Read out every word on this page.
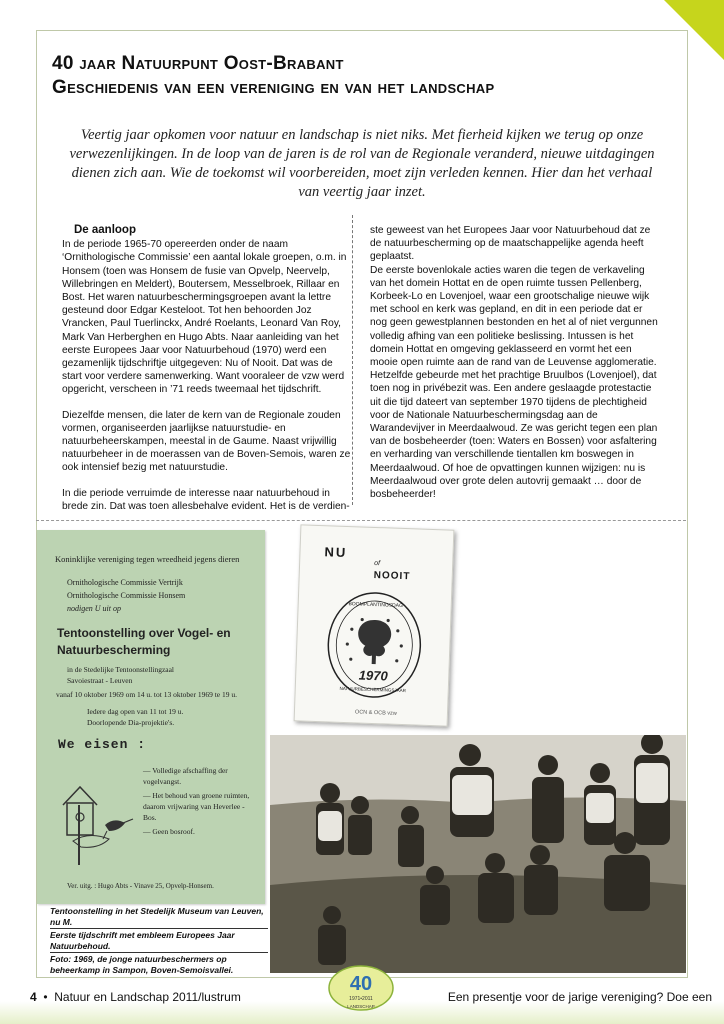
40 jaar Natuurpunt Oost-Brabant
Geschiedenis van een vereniging en van het landschap
Veertig jaar opkomen voor natuur en landschap is niet niks. Met fierheid kijken we terug op onze verwezenlijkingen. In de loop van de jaren is de rol van de Regionale veranderd, nieuwe uitdagingen dienen zich aan. Wie de toekomst wil voorbereiden, moet zijn verleden kennen. Hier dan het verhaal van veertig jaar inzet.
De aanloop

In de periode 1965-70 opereerden onder de naam ‘Ornithologische Commissie’ een aantal lokale groepen, o.m. in Honsem (toen was Honsem de fusie van Opvelp, Neervelp, Willebringen en Meldert), Boutersem, Messelbroek, Rillaar en Bost. Het waren natuurbeschermingsgroepen avant la lettre gesteund door Edgar Kesteloot. Tot hen behoorden Joz Vrancken, Paul Tuerlinckx, André Roelants, Leonard Van Roy, Mark Van Herberghen en Hugo Abts. Naar aanleiding van het eerste Europees Jaar voor Natuurbehoud (1970) werd een gezamenlijk tijdschriftje uitgegeven: Nu of Nooit. Dat was de start voor verdere samenwerking. Want vooraleer de vzw werd opgericht, verscheen in ’71 reeds tweemaal het tijdschrift.

Diezelfde mensen, die later de kern van de Regionale zouden vormen, organiseerden jaarlijkse natuurstudie- en natuurbeheerskampen, meestal in de Gaume. Naast vrijwillig natuurbeheer in de moerassen van de Boven-Semois, waren ze ook intensief bezig met natuurstudie.

In die periode verruimde de interesse naar natuurbehoud in brede zin. Dat was toen allesbehalve evident. Het is de verdien-

ste geweest van het Europees Jaar voor Natuurbehoud dat ze de natuurbescherming op de maatschappelijke agenda heeft geplaatst.

De eerste bovenlokale acties waren die tegen de verkaveling van het domein Hottat en de open ruimte tussen Pellenberg, Korbeek-Lo en Lovenjoel, waar een grootschalige nieuwe wijk met school en kerk was gepland, en dit in een periode dat er nog geen gewestplannen bestonden en het al of niet vergunnen volledig afhing van een politieke beslissing. Intussen is het domein Hottat en omgeving geklasseerd en vormt het een mooie open ruimte aan de rand van de Leuvense agglomeratie. Hetzelfde gebeurde met het prachtige Bruulbos (Lovenjoel), dat toen nog in privébezit was. Een andere geslaagde protestactie uit die tijd dateert van september 1970 tijdens de plechtigheid voor de Nationale Natuurbeschermingsdag aan de Warandevijver in Meerdaalwoud. Ze was gericht tegen een plan van de bosbeheerder (toen: Waters en Bossen) voor asfaltering en verharding van verschillende tientallen km boswegen in Meerdaalwoud. Of hoe de opvattingen kunnen wijzigen: nu is Meerdaalwoud over grote delen autovrij gemaakt … door de bosbeheerder!

Koninklijke vereniging tegen wreedheid jegens dieren
Ornithologische Commissie Vertrijk
Ornithologische Commissie Honsem
nodigen U uit op
Tentoonstelling over Vogel- en
Natuurbescherming
in de Stedelijke Tentoonstellingzaal
Savoiestraat - Leuven
vanaf 10 oktober 1969 om 14 u. tot 13 oktober 1969 te 19 u.
Iedere dag open van 11 tot 19 u.
Doorlopende Dia-projektie's.
We eisen :
— Volledige afschaffing der vogelvangst.
— Het behoud van groene ruimten, daarom vrijwaring van Heverlee - Bos.
— Geen bosroof.
Ver. uitg. : Hugo Abts - Vinave 25, Opvelp-Honsem.
NU
of
NOOIT
1970
BOOMPLANTINGSDAG
NATUURBESCHERMINGSJAAR
OCN & OCB vzw
Tentoonstelling in het Stedelijk Museum van Leuven, nu M.
Eerste tijdschrift met embleem Europees Jaar Natuurbehoud.
Foto: 1969, de jonge natuurbeschermers op beheerkamp in Sampon, Boven-Semoisvallei.
4  •  Natuur en Landschap 2011/lustrum
40
1971•2011
LANDSCHAP
Een presentje voor de jarige vereniging? Doe een
